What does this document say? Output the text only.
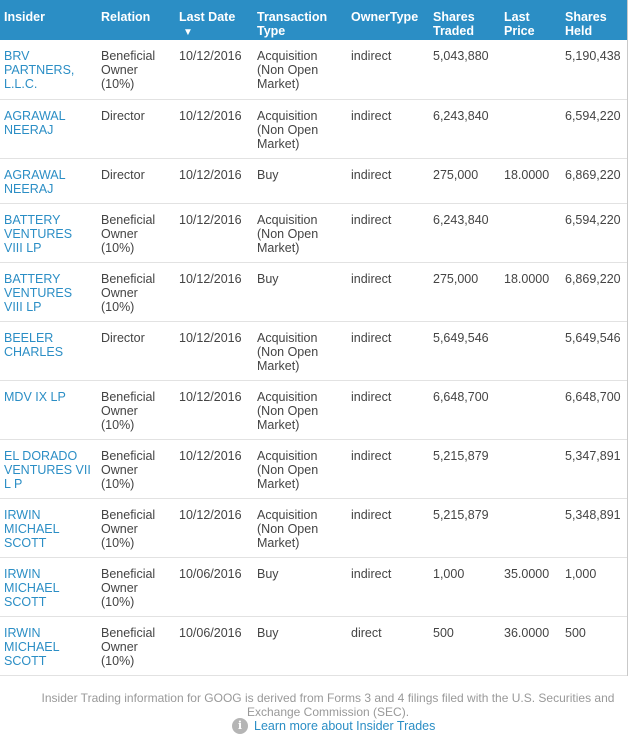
Insider	Relation	Last Date▼	Transaction Type	OwnerType	Shares Traded	Last Price	Shares Held
BRV PARTNERS, L.L.C.	Beneficial Owner (10%)	10/12/2016	Acquisition (Non Open Market)	indirect	5,043,880		5,190,438
AGRAWAL NEERAJ	Director	10/12/2016	Acquisition (Non Open Market)	indirect	6,243,840		6,594,220
AGRAWAL NEERAJ	Director	10/12/2016	Buy	indirect	275,000	18.0000	6,869,220
BATTERY VENTURES VIII LP	Beneficial Owner (10%)	10/12/2016	Acquisition (Non Open Market)	indirect	6,243,840		6,594,220
BATTERY VENTURES VIII LP	Beneficial Owner (10%)	10/12/2016	Buy	indirect	275,000	18.0000	6,869,220
BEELER CHARLES	Director	10/12/2016	Acquisition (Non Open Market)	indirect	5,649,546		5,649,546
MDV IX LP	Beneficial Owner (10%)	10/12/2016	Acquisition (Non Open Market)	indirect	6,648,700		6,648,700
EL DORADO VENTURES VII L P	Beneficial Owner (10%)	10/12/2016	Acquisition (Non Open Market)	indirect	5,215,879		5,347,891
IRWIN MICHAEL SCOTT	Beneficial Owner (10%)	10/12/2016	Acquisition (Non Open Market)	indirect	5,215,879		5,348,891
IRWIN MICHAEL SCOTT	Beneficial Owner (10%)	10/06/2016	Buy	indirect	1,000	35.0000	1,000
IRWIN MICHAEL SCOTT	Beneficial Owner (10%)	10/06/2016	Buy	direct	500	36.0000	500
Insider Trading information for GOOG is derived from Forms 3 and 4 filings filed with the U.S. Securities and Exchange Commission (SEC).
i Learn more about Insider Trades
